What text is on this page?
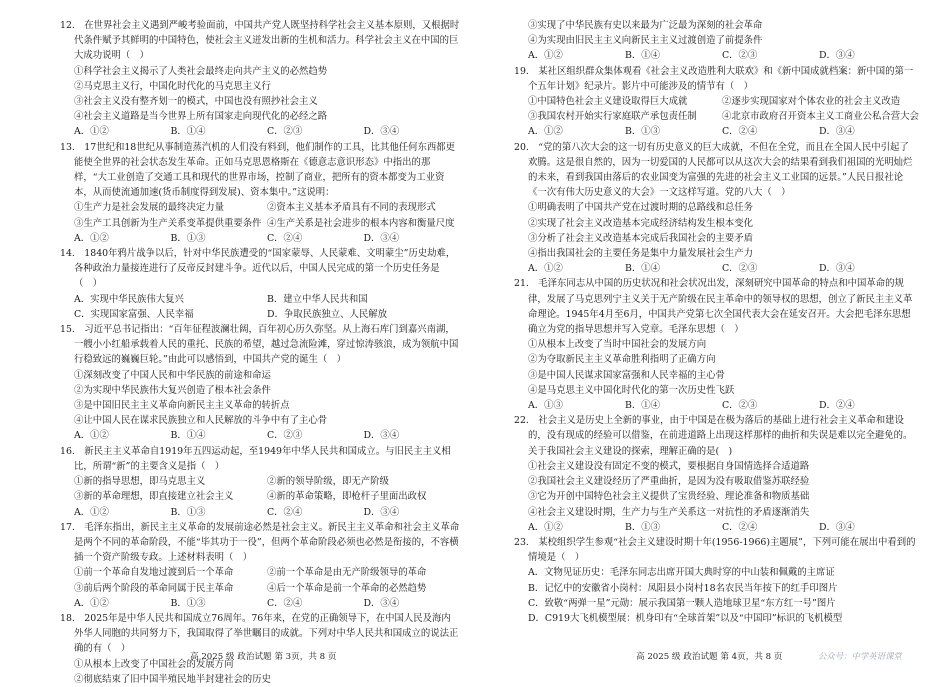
12.　在世界社会主义遇到严峻考验面前，中国共产党人既坚持科学社会主义基本原则，又根据时代条件赋予其鲜明的中国特色，使社会主义迸发出新的生机和活力。科学社会主义在中国的巨大成功说明（　）

①科学社会主义揭示了人类社会最终走向共产主义的必然趋势

②马克思主义行，中国化时代化的马克思主义行

③社会主义没有整齐划一的模式，中国也没有照抄社会主义

④社会主义道路是当今世界上所有国家走向现代化的必经之路

A．①②	B．①④	C．②③	D．③④

13.　17世纪和18世纪从事制造蒸汽机的人们没有料到，他们制作的工具，比其他任何东西都更能使全世界的社会状态发生革命。正如马克思恩格斯在《德意志意识形态》中指出的那样，“大工业创造了交通工具和现代的世界市场，控制了商业，把所有的资本都变为工业资本，从而使流通加速(货币制度得到发展)、资本集中。”这说明：

①生产力是社会发展的最终决定力量	②资本主义基本矛盾具有不同的表现形式
③生产工具创新为生产关系变革提供重要条件 ④生产关系是社会进步的根本内容和衡量尺度
A．①②	B．①③	C．②④	D．③④

14.　1840年鸦片战争以后，针对中华民族遭受的“国家蒙辱、人民蒙难、文明蒙尘”历史劫难，各种政治力量接连进行了反帝反封建斗争。近代以后，中国人民完成的第一个历史任务是（　）

A．实现中华民族伟大复兴	B．建立中华人民共和国
C．实现国家富强、人民幸福	D．争取民族独立、人民解放

15.　习近平总书记指出：“百年征程波澜壮阔，百年初心历久弥坚。从上海石库门到嘉兴南湖，一艘小小红船承载着人民的重托、民族的希望，越过急流险滩，穿过惊涛骇浪，成为领航中国行稳致远的巍巍巨轮。”由此可以感悟到，中国共产党的诞生（　）

①深刻改变了中国人民和中华民族的前途和命运

②为实现中华民族伟大复兴创造了根本社会条件

③是中国旧民主主义革命向新民主主义革命的转折点

④让中国人民在谋求民族独立和人民解放的斗争中有了主心骨

A．①②	B．①④	C．②③	D．③④

16.　新民主主义革命自1919年五四运动起，至1949年中华人民共和国成立。与旧民主主义相比，所谓“新”的主要含义是指（　）

①新的指导思想，即马克思主义	②新的领导阶级，即无产阶级
③新的革命理想，即直接建立社会主义	④新的革命策略，即枪杆子里面出政权
A．①②	B．①③	C．②④	D．③④

17.　毛泽东指出，新民主主义革命的发展前途必然是社会主义。新民主主义革命和社会主义革命是两个不同的革命阶段，不能“毕其功于一役”，但两个革命阶段必须也必然是衔接的，不容横插一个资产阶级专政。上述材料表明（　）

①前一个革命自发地过渡到后一个革命	②前一个革命是由无产阶级领导的革命
③前后两个阶段的革命同属于民主革命	④后一个革命是前一个革命的必然趋势
A．①②	B．①③	C．②④	D．③④

18.　2025年是中华人民共和国成立76周年。76年来，在党的正确领导下，在中国人民及海内外华人同胞的共同努力下，我国取得了举世瞩目的成就。下列对中华人民共和国成立的说法正确的有（　）

①从根本上改变了中国社会的发展方向

②彻底结束了旧中国半殖民地半封建社会的历史

③实现了中华民族有史以来最为广泛最为深刻的社会革命

④为实现由旧民主主义向新民主主义过渡创造了前提条件

A．①②	B．①④	C．②③	D．③④

19.　某社区组织群众集体观看《社会主义改造胜利大联欢》和《新中国成就档案：新中国的第一个五年计划》纪录片。影片中可能涉及的情节有（　）

①中国特色社会主义建设取得巨大成就	②逐步实现国家对个体农业的社会主义改造
③我国农村开始实行家庭联产承包责任制	④北京市政府召开资本主义工商业公私合营大会
A．①②	B．①③	C．②④	D．③④

20.　“党的第八次大会的这一切有历史意义的巨大成就，不但在全党，而且在全国人民中引起了欢腾。这是很自然的，因为一切爱国的人民都可以从这次大会的结果看到我们祖国的光明灿烂的未来，看到我国由落后的农业国变为富强的先进的社会主义工业国的远景。”人民日报社论《一次有伟大历史意义的大会》一文这样写道。党的八大（　）

①明确表明了中国共产党在过渡时期的总路线和总任务

②实现了社会主义改造基本完成经济结构发生根本变化

③分析了社会主义改造基本完成后我国社会的主要矛盾

④指出我国社会的主要任务是集中力量发展社会生产力

A．①②	B．①④	C．②③	D．③④

21.　毛泽东同志从中国的历史状况和社会状况出发，深刻研究中国革命的特点和中国革命的规律，发展了马克思列宁主义关于无产阶级在民主革命中的领导权的思想，创立了新民主主义革命理论。1945年4月至6月，中国共产党第七次全国代表大会在延安召开。大会把毛泽东思想确立为党的指导思想并写入党章。毛泽东思想（　）

①从根本上改变了当时中国社会的发展方向

②为夺取新民主主义革命胜利指明了正确方向

③是中国人民谋求国家富强和人民幸福的主心骨

④是马克思主义中国化时代化的第一次历史性飞跃

A．①③	B．①④	C．②③	D．②④

22.　社会主义是历史上全新的事业，由于中国是在极为落后的基础上进行社会主义革命和建设的，没有现成的经验可以借鉴，在前进道路上出现这样那样的曲折和失误是难以完全避免的。关于我国社会主义建设的探索，理解正确的是(　)

①社会主义建设没有固定不变的模式，要根据自身国情选择合适道路

②我国社会主义建设经历了严重曲折，是因为没有吸取借鉴苏联经验

③它为开创中国特色社会主义提供了宝贵经验、理论准备和物质基础

④社会主义建设时期，生产力与生产关系这一对抗性的矛盾逐渐消失

A．①②	B．①③	C．②④	D．③④

23.　某校组织学生参观“社会主义建设时期十年(1956-1966)主题展”，下列可能在展出中看到的情境是（　）

A．文物见证历史：毛泽东同志出席开国大典时穿的中山装和佩戴的主席证

B．记忆中的安徽省小岗村：凤阳县小岗村18名农民当年按下的红手印图片

C．致敬“两弹一星”元勋：展示我国第一颗人造地球卫星“东方红一号”图片

D．C919大飞机模型展：机身印有“全球首架”以及“中国印”标识的飞机模型

高 2025 级 政治试题 第 3页，共 8 页	高 2025 级 政治试题 第 4页，共 8 页	公众号：中学英语课堂
